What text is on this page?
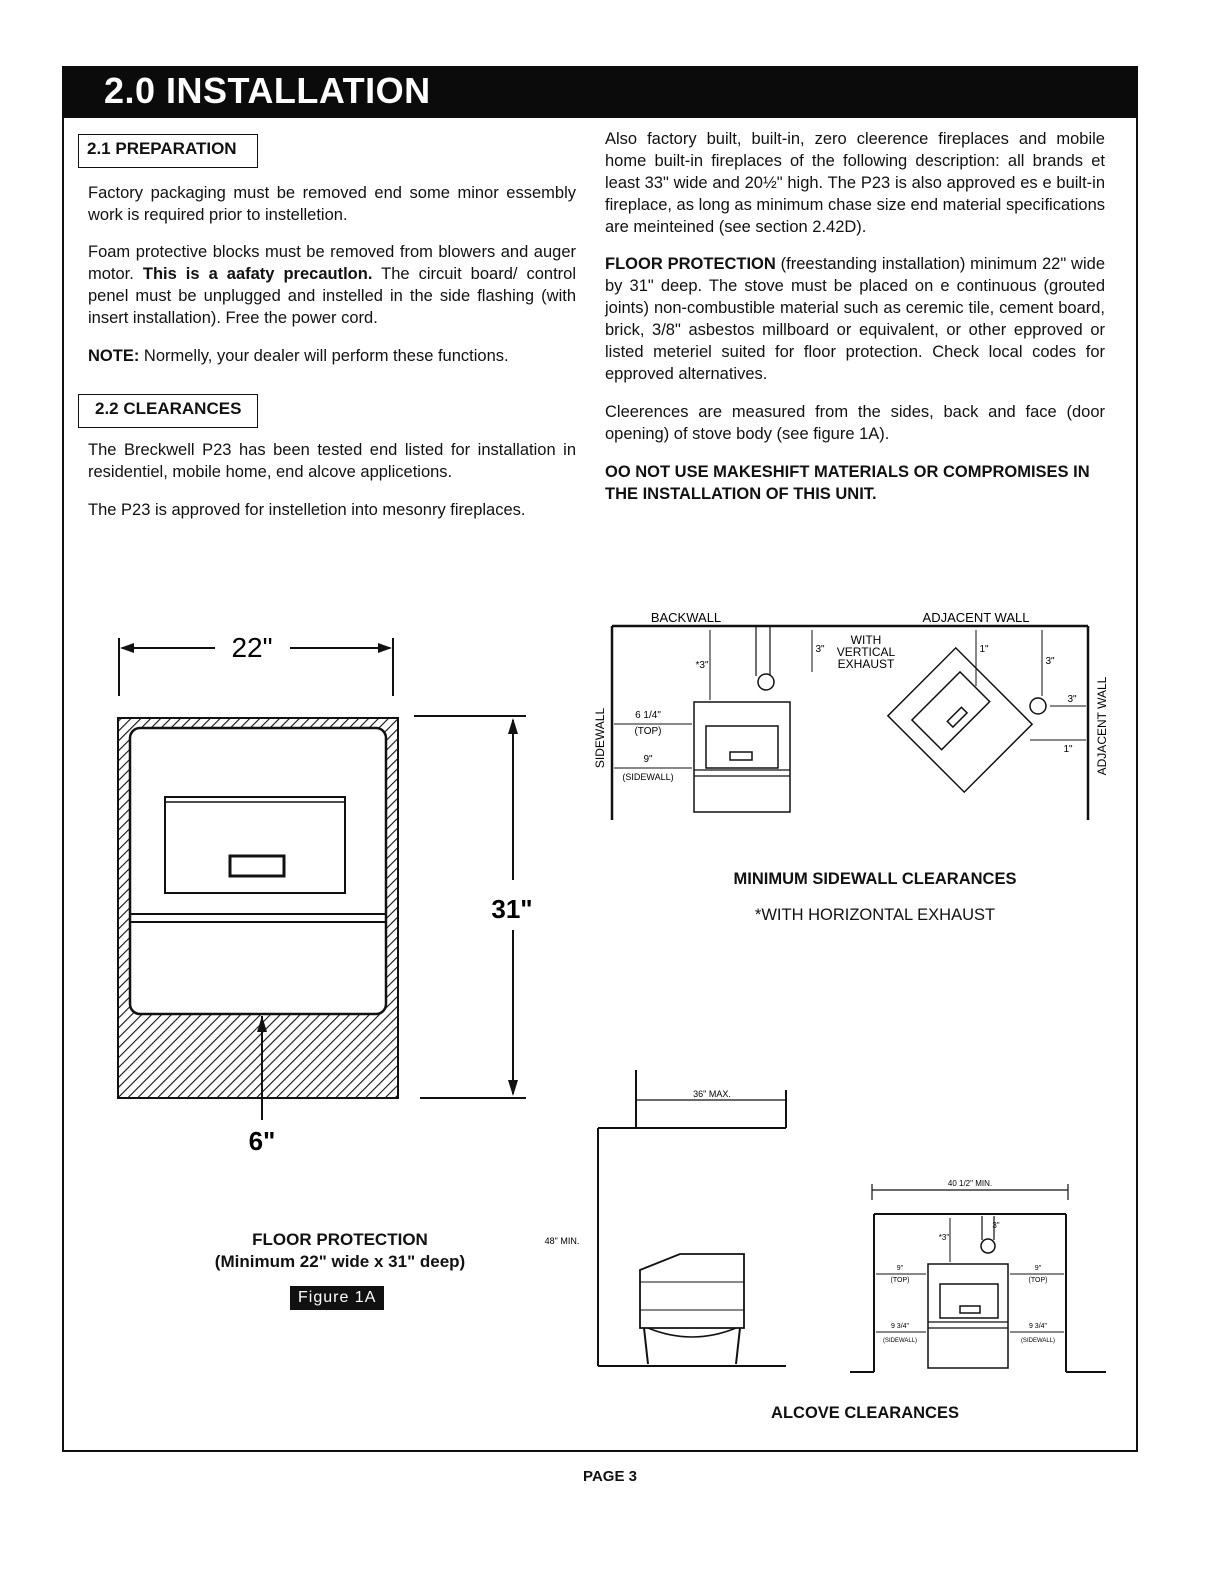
2.0 INSTALLATION
2.1 PREPARATION
Factory packaging must be removed end some minor essembly work is required prior to instelletion.
Foam protective blocks must be removed from blowers and auger motor. This is a aafaty precautlon. The circuit board/ control penel must be unplugged and instelled in the side flashing (with insert installation). Free the power cord.
NOTE: Normelly, your dealer will perform these functions.
2.2 CLEARANCES
The Breckwell P23 has been tested end listed for installation in residentiel, mobile home, end alcove applicetions.
The P23 is approved for instelletion into mesonry fireplaces.
Also factory built, built-in, zero cleerence fireplaces and mobile home built-in fireplaces of the following description: all brands et least 33" wide and 20½" high. The P23 is also approved es e built-in fireplace, as long as minimum chase size end material specifications are meinteined (see section 2.42D).
FLOOR PROTECTION (freestanding installation) minimum 22" wide by 31" deep. The stove must be placed on e continuous (grouted joints) non-combustible material such as ceremic tile, cement board, brick, 3/8" asbestos millboard or equivalent, or other epproved or listed meteriel suited for floor protection. Check local codes for epproved alternatives.
Cleerences are measured from the sides, back and face (door opening) of stove body (see figure 1A).
OO NOT USE MAKESHIFT MATERIALS OR COMPROMISES IN THE INSTALLATION OF THIS UNIT.
22"
31"
6"
FLOOR PROTECTION
(Minimum 22" wide x 31" deep)
Figure 1A
BACKWALL	ADJACENT WALL
SIDEWALL	ADJACENT WALL
*3"
3"
WITH
VERTICAL
EXHAUST
6 1/4"
(TOP)
9"
(SIDEWALL)
1"
3"
3"
1"
MINIMUM SIDEWALL CLEARANCES
*WITH HORIZONTAL EXHAUST
36" MAX.
48" MIN.
40 1/2" MIN.
*3"
3"
9"
(TOP)
9"
(TOP)
9 3/4"
(SIDEWALL)
9 3/4"
(SIDEWALL)
ALCOVE CLEARANCES
PAGE 3
